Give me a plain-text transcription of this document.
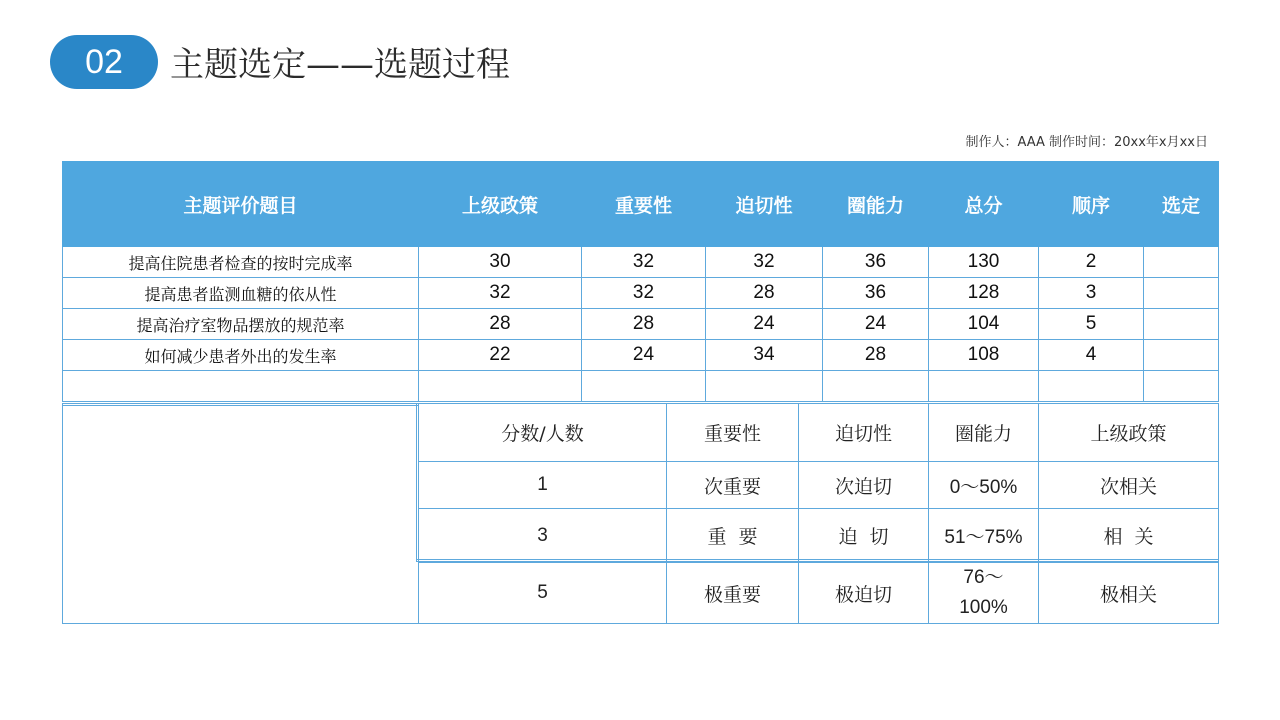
02	主题选定——选题过程
制作人：AAA 制作时间：20xx年x月xx日
主题评价题目	上级政策	重要性	迫切性	圈能力	总分	顺序	选定
提高住院患者检查的按时完成率	30	32	32	36	130	2	
提高患者监测血糖的依从性	32	32	28	36	128	3	
提高治疗室物品摆放的规范率	28	28	24	24	104	5	
如何减少患者外出的发生率	22	24	34	28	108	4	

	分数/人数	重要性	迫切性	圈能力	上级政策
	1	次重要	次迫切	0～50%	次相关
	3	重  要	迫  切	51～75%	相  关
	5	极重要	极迫切	76～100%	极相关
